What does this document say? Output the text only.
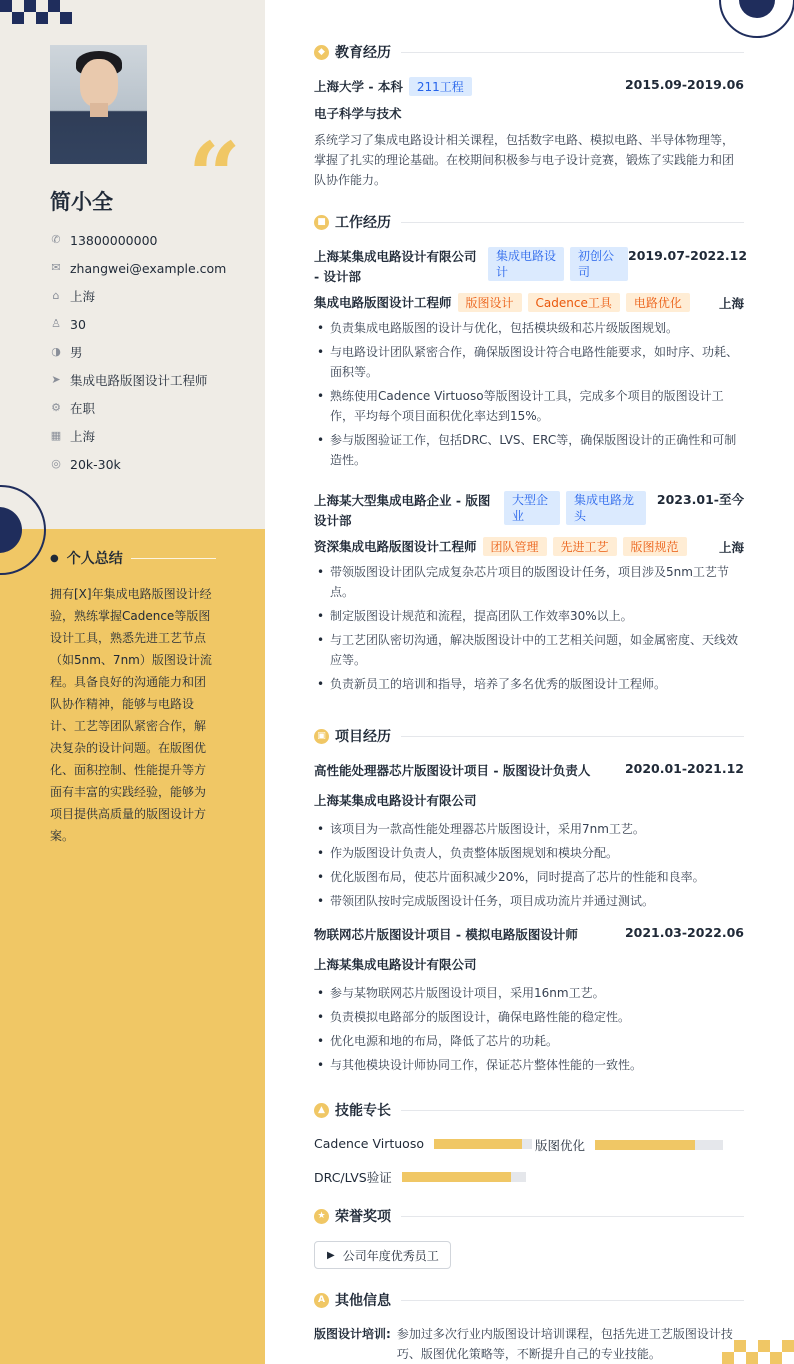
“
简小全
✆ 13800000000
✉ zhangwei@example.com
⌂ 上海
♙ 30
◑ 男
➤ 集成电路版图设计工程师
⚙ 在职
▦ 上海
◎ 20k-30k
● 个人总结
拥有[X]年集成电路版图设计经验，熟练掌握Cadence等版图设计工具，熟悉先进工艺节点（如5nm、7nm）版图设计流程。具备良好的沟通能力和团队协作精神，能够与电路设计、工艺等团队紧密合作，解决复杂的设计问题。在版图优化、面积控制、性能提升等方面有丰富的实践经验，能够为项目提供高质量的版图设计方案。
◆ 教育经历
上海大学 - 本科 211工程	2015.09-2019.06
电子科学与技术
系统学习了集成电路设计相关课程，包括数字电路、模拟电路、半导体物理等，掌握了扎实的理论基础。在校期间积极参与电子设计竞赛，锻炼了实践能力和团队协作能力。
■ 工作经历
上海某集成电路设计有限公司 - 设计部
集成电路设计
初创公司
2019.07-2022.12
集成电路版图设计工程师 版图设计 Cadence工具 电路优化	上海
• 负责集成电路版图的设计与优化，包括模块级和芯片级版图规划。
• 与电路设计团队紧密合作，确保版图设计符合电路性能要求，如时序、功耗、面积等。
• 熟练使用Cadence Virtuoso等版图设计工具，完成多个项目的版图设计工作，平均每个项目面积优化率达到15%。
• 参与版图验证工作，包括DRC、LVS、ERC等，确保版图设计的正确性和可制造性。
上海某大型集成电路企业 - 版图设计部
大型企业
集成电路龙头
2023.01-至今
资深集成电路版图设计工程师 团队管理 先进工艺 版图规范	上海
• 带领版图设计团队完成复杂芯片项目的版图设计任务，项目涉及5nm工艺节点。
• 制定版图设计规范和流程，提高团队工作效率30%以上。
• 与工艺团队密切沟通，解决版图设计中的工艺相关问题，如金属密度、天线效应等。
• 负责新员工的培训和指导，培养了多名优秀的版图设计工程师。
▣ 项目经历
高性能处理器芯片版图设计项目 - 版图设计负责人	2020.01-2021.12
上海某集成电路设计有限公司
• 该项目为一款高性能处理器芯片版图设计，采用7nm工艺。
• 作为版图设计负责人，负责整体版图规划和模块分配。
• 优化版图布局，使芯片面积减少20%，同时提高了芯片的性能和良率。
• 带领团队按时完成版图设计任务，项目成功流片并通过测试。
物联网芯片版图设计项目 - 模拟电路版图设计师	2021.03-2022.06
上海某集成电路设计有限公司
• 参与某物联网芯片版图设计项目，采用16nm工艺。
• 负责模拟电路部分的版图设计，确保电路性能的稳定性。
• 优化电源和地的布局，降低了芯片的功耗。
• 与其他模块设计师协同工作，保证芯片整体性能的一致性。
▲ 技能专长
Cadence Virtuoso	版图优化
DRC/LVS验证
★ 荣誉奖项
▶ 公司年度优秀员工
A 其他信息
版图设计培训: 参加过多次行业内版图设计培训课程，包括先进工艺版图设计技巧、版图优化策略等，不断提升自己的专业技能。
